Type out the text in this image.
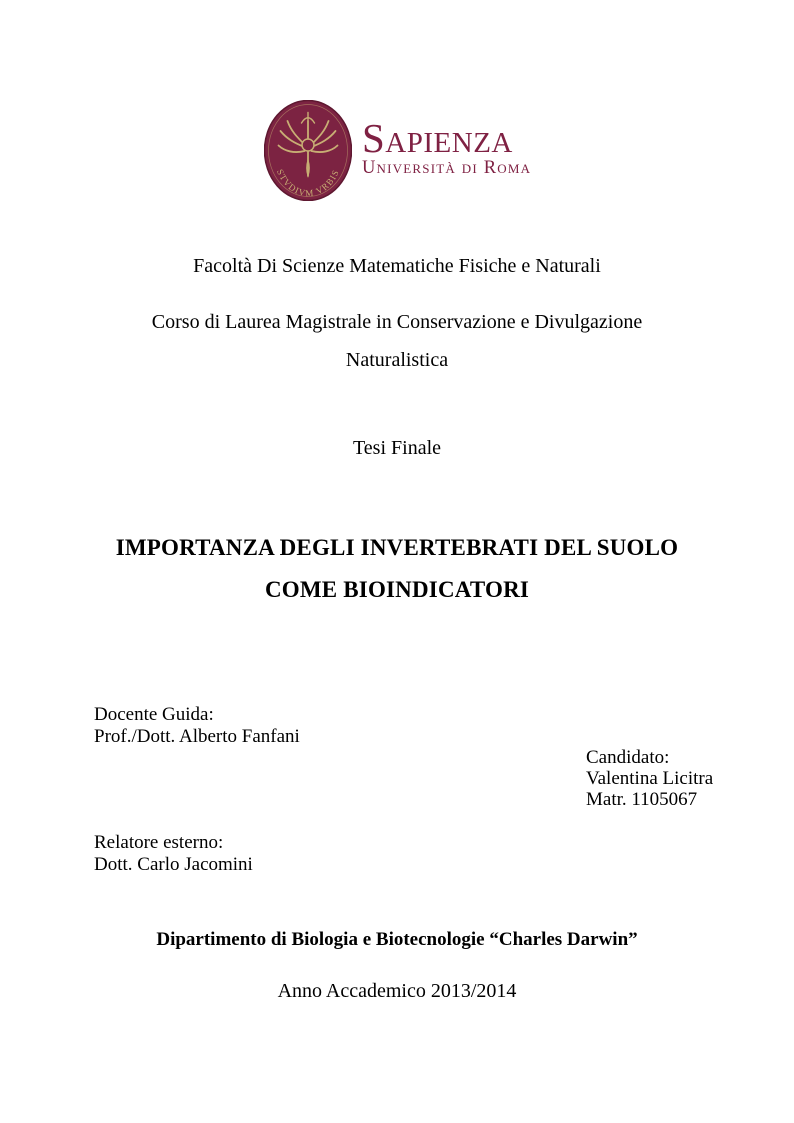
STVDIVM VRBIS
Sapienza
Università di Roma
Facoltà Di Scienze Matematiche Fisiche e Naturali
Corso di Laurea Magistrale in Conservazione e Divulgazione
Naturalistica
Tesi Finale
IMPORTANZA DEGLI INVERTEBRATI DEL SUOLO
COME BIOINDICATORI
Docente Guida:
Prof./Dott. Alberto Fanfani
Candidato:
Valentina Licitra
Matr. 1105067
Relatore esterno:
Dott. Carlo Jacomini
Dipartimento di Biologia e Biotecnologie “Charles Darwin”
Anno Accademico 2013/2014
